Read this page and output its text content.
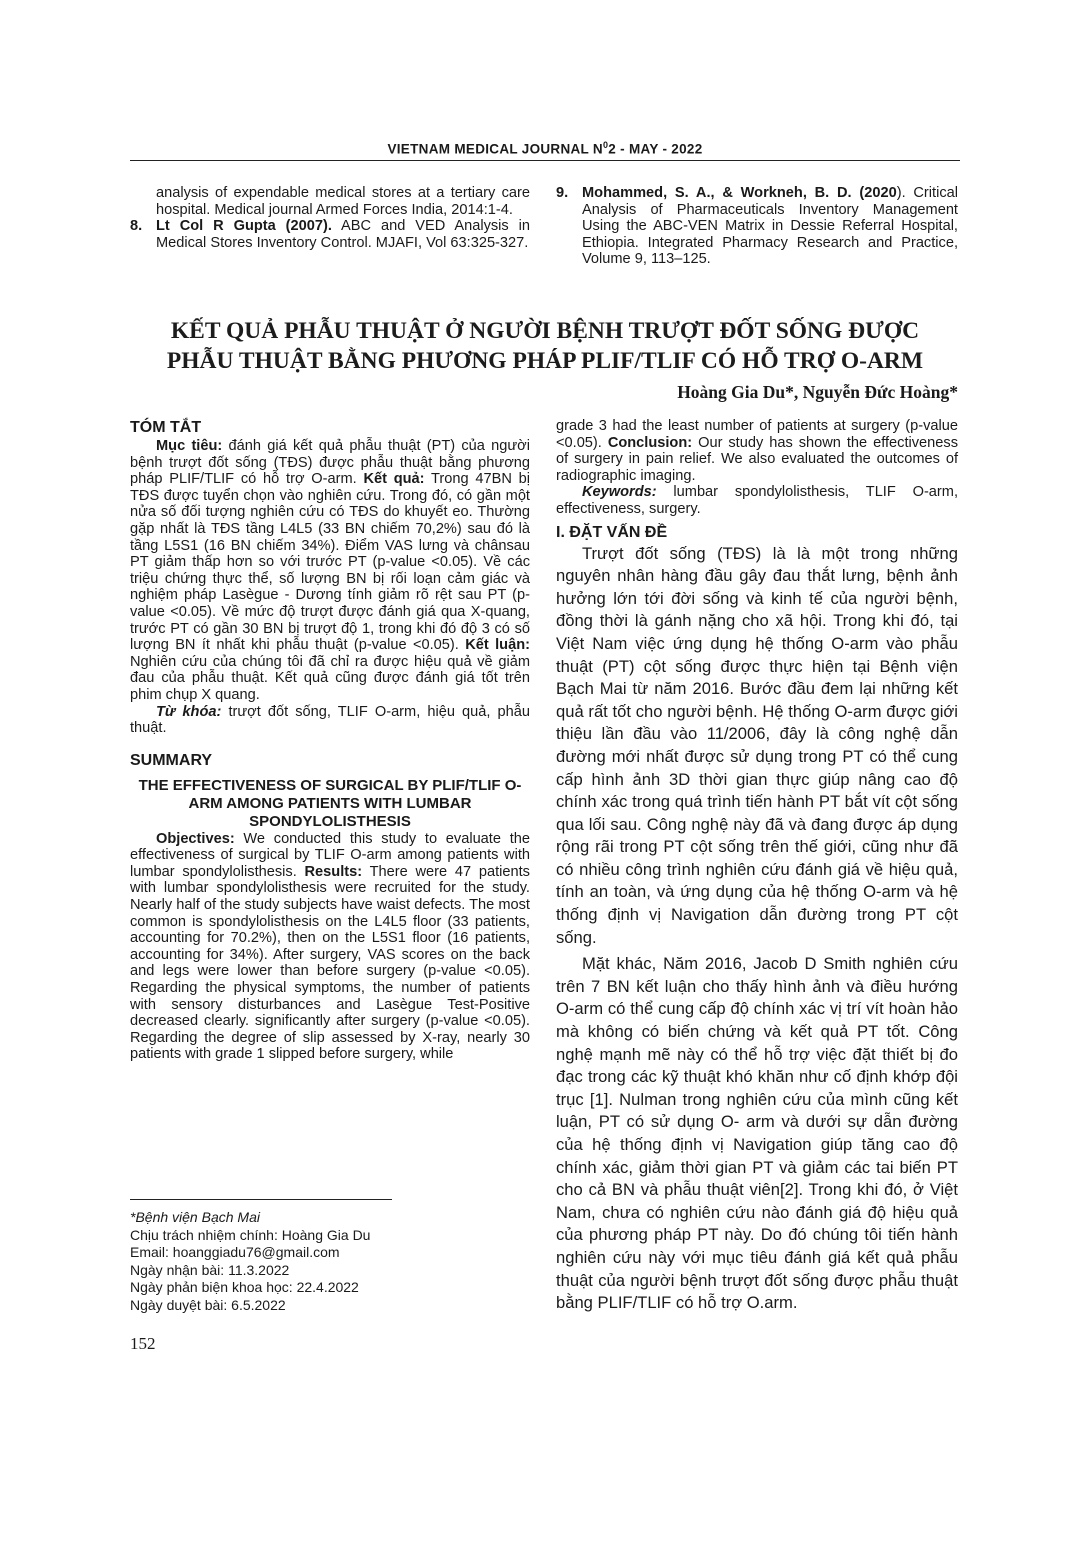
VIETNAM MEDICAL JOURNAL $N^02$ - MAY - 2022
analysis of expendable medical stores at a tertiary care hospital. Medical journal Armed Forces India, 2014:1-4.
8. Lt Col R Gupta (2007). ABC and VED Analysis in Medical Stores Inventory Control. MJAFI, Vol 63:325-327.
9. Mohammed, S. A., & Workneh, B. D. (2020). Critical Analysis of Pharmaceuticals Inventory Management Using the ABC-VEN Matrix in Dessie Referral Hospital, Ethiopia. Integrated Pharmacy Research and Practice, Volume 9, 113–125.
KẾT QUẢ PHẪU THUẬT Ở NGƯỜI BỆNH TRƯỢT ĐỐT SỐNG ĐƯỢC
PHẪU THUẬT BẰNG PHƯƠNG PHÁP PLIF/TLIF CÓ HỖ TRỢ O-ARM
Hoàng Gia Du*, Nguyễn Đức Hoàng*
TÓM TẮT

Mục tiêu: đánh giá kết quả phẫu thuật (PT) của người bệnh trượt đốt sống (TĐS) được phẫu thuật bằng phương pháp PLIF/TLIF có hỗ trợ O-arm. Kết quả: Trong 47BN bị TĐS được tuyển chọn vào nghiên cứu. Trong đó, có gần một nửa số đối tượng nghiên cứu có TĐS do khuyết eo. Thường gặp nhất là TĐS tầng L4L5 (33 BN chiếm 70,2%) sau đó là tầng L5S1 (16 BN chiếm 34%). Điểm VAS lưng và chânsau PT giảm thấp hơn so với trước PT (p-value <0.05). Về các triệu chứng thực thể, số lượng BN bị rối loạn cảm giác và nghiệm pháp Lasègue - Dương tính giảm rõ rệt sau PT (p-value <0.05). Về mức độ trượt được đánh giá qua X-quang, trước PT có gần 30 BN bị trượt độ 1, trong khi đó độ 3 có số lượng BN ít nhất khi phẫu thuật (p-value <0.05). Kết luận: Nghiên cứu của chúng tôi đã chỉ ra được hiệu quả về giảm đau của phẫu thuật. Kết quả cũng được đánh giá tốt trên phim chụp X quang.

Từ khóa: trượt đốt sống, TLIF O-arm, hiệu quả, phẫu thuật.

SUMMARY
THE EFFECTIVENESS OF SURGICAL BY PLIF/TLIF O-ARM AMONG PATIENTS WITH LUMBAR SPONDYLOLISTHESIS

Objectives: We conducted this study to evaluate the effectiveness of surgical by TLIF O-arm among patients with lumbar spondylolisthesis. Results: There were 47 patients with lumbar spondylolisthesis were recruited for the study. Nearly half of the study subjects have waist defects. The most common is spondylolisthesis on the L4L5 floor (33 patients, accounting for 70.2%), then on the L5S1 floor (16 patients, accounting for 34%). After surgery, VAS scores on the back and legs were lower than before surgery (p-value <0.05). Regarding the physical symptoms, the number of patients with sensory disturbances and Lasègue Test-Positive decreased clearly. significantly after surgery (p-value <0.05). Regarding the degree of slip assessed by X-ray, nearly 30 patients with grade 1 slipped before surgery, while

grade 3 had the least number of patients at surgery (p-value <0.05). Conclusion: Our study has shown the effectiveness of surgery in pain relief. We also evaluated the outcomes of radiographic imaging.

Keywords: lumbar spondylolisthesis, TLIF O-arm, effectiveness, surgery.

I. ĐẶT VẤN ĐỀ

Trượt đốt sống (TĐS) là là một trong những nguyên nhân hàng đầu gây đau thắt lưng, bệnh ảnh hưởng lớn tới đời sống và kinh tế của người bệnh, đồng thời là gánh nặng cho xã hội. Trong khi đó, tại Việt Nam việc ứng dụng hệ thống O-arm vào phẫu thuật (PT) cột sống được thực hiện tại Bệnh viện Bạch Mai từ năm 2016. Bước đầu đem lại những kết quả rất tốt cho người bệnh. Hệ thống O-arm được giới thiệu lần đầu vào 11/2006, đây là công nghệ dẫn đường mới nhất được sử dụng trong PT có thể cung cấp hình ảnh 3D thời gian thực giúp nâng cao độ chính xác trong quá trình tiến hành PT bắt vít cột sống qua lối sau. Công nghệ này đã và đang được áp dụng rộng rãi trong PT cột sống trên thế giới, cũng như đã có nhiều công trình nghiên cứu đánh giá về hiệu quả, tính an toàn, và ứng dụng của hệ thống O-arm và hệ thống định vị Navigation dẫn đường trong PT cột sống.

Mặt khác, Năm 2016, Jacob D Smith nghiên cứu trên 7 BN kết luận cho thấy hình ảnh và điều hướng O-arm có thể cung cấp độ chính xác vị trí vít hoàn hảo mà không có biến chứng và kết quả PT tốt. Công nghệ mạnh mẽ này có thể hỗ trợ việc đặt thiết bị đo đạc trong các kỹ thuật khó khăn như cố định khớp đội trục [1]. Nulman trong nghiên cứu của mình cũng kết luận, PT có sử dụng O- arm và dưới sự dẫn đường của hệ thống định vị Navigation giúp tăng cao độ chính xác, giảm thời gian PT và giảm các tai biến PT cho cả BN và phẫu thuật viên[2]. Trong khi đó, ở Việt Nam, chưa có nghiên cứu nào đánh giá độ hiệu quả của phương pháp PT này. Do đó chúng tôi tiến hành nghiên cứu này với mục tiêu đánh giá kết quả phẫu thuật của người bệnh trượt đốt sống được phẫu thuật bằng PLIF/TLIF có hỗ trợ O.arm.

*Bệnh viện Bạch Mai
Chịu trách nhiệm chính: Hoàng Gia Du
Email: hoanggiadu76@gmail.com
Ngày nhận bài: 11.3.2022
Ngày phản biện khoa học: 22.4.2022
Ngày duyệt bài: 6.5.2022
152
